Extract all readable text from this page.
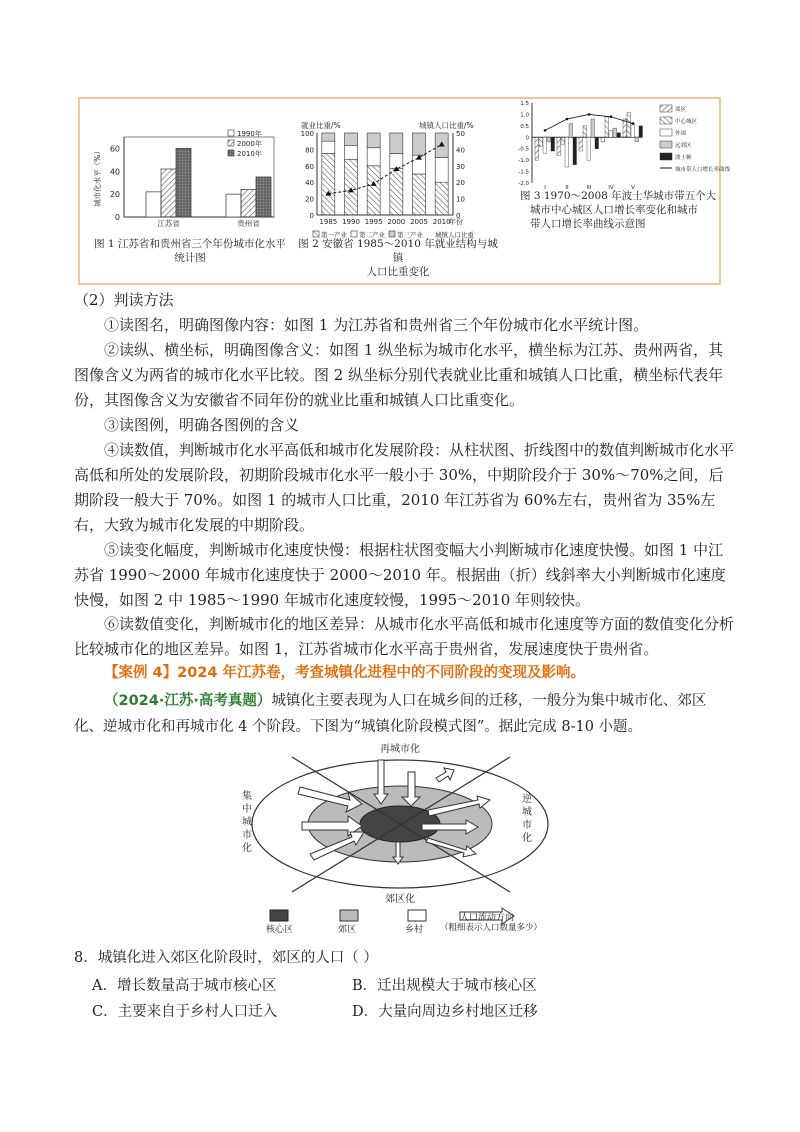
0
20
40
60
城市化水平（%）
江苏省	贵州省
1990年
2000年
2010年
图 1 江苏省和贵州省三个年份城市化水平
统计图
就业比重/%	城镇人口比重/%
0
20
40
60
80
100
0
10
20
30
40
50
1985 1990 1995 2000 2005 2010
年份
第一产业 第二产业 第三产业 城镇人口比重
图 2 安徽省 1985～2010 年就业结构与城镇
人口比重变化
1.5
1.0
0.5
0
-0.5
-1.0
-1.5
-2.0
I	II	III	IV	V
郊区
中心城区
外围
远郊区
波士顿
城市带人口增长率曲线
图 3 1970～2008 年波士华城市带五个大
城市中心城区人口增长率变化和城市
带人口增长率曲线示意图
（2）判读方法
①读图名，明确图像内容：如图 1 为江苏省和贵州省三个年份城市化水平统计图。
②读纵、横坐标，明确图像含义：如图 1 纵坐标为城市化水平，横坐标为江苏、贵州两省，其图像含义为两省的城市化水平比较。图 2 纵坐标分别代表就业比重和城镇人口比重，横坐标代表年份，其图像含义为安徽省不同年份的就业比重和城镇人口比重变化。
③读图例，明确各图例的含义
④读数值，判断城市化水平高低和城市化发展阶段：从柱状图、折线图中的数值判断城市化水平高低和所处的发展阶段，初期阶段城市化水平一般小于 30%，中期阶段介于 30%～70%之间，后期阶段一般大于 70%。如图 1 的城市人口比重，2010 年江苏省为 60%左右，贵州省为 35%左右，大致为城市化发展的中期阶段。
⑤读变化幅度，判断城市化速度快慢：根据柱状图变幅大小判断城市化速度快慢。如图 1 中江苏省 1990～2000 年城市化速度快于 2000～2010 年。根据曲（折）线斜率大小判断城市化速度快慢，如图 2 中 1985～1990 年城市化速度较慢，1995～2010 年则较快。
⑥读数值变化，判断城市化的地区差异：从城市化水平高低和城市化速度等方面的数值变化分析比较城市化的地区差异。如图 1，江苏省城市化水平高于贵州省，发展速度快于贵州省。
【案例 4】2024 年江苏卷，考查城镇化进程中的不同阶段的变现及影响。
（2024·江苏·高考真题）城镇化主要表现为人口在城乡间的迁移，一般分为集中城市化、郊区化、逆城市化和再城市化 4 个阶段。下图为“城镇化阶段模式图”。据此完成 8-10 小题。
再城市化
郊区化
集中城市化
逆城市化
核心区	郊区	乡村
人口流动方向
（粗细表示人口数量多少）
8．城镇化进入郊区化阶段时，郊区的人口（ ）
A．增长数量高于城市核心区	B．迁出规模大于城市核心区
C．主要来自于乡村人口迁入	D．大量向周边乡村地区迁移
